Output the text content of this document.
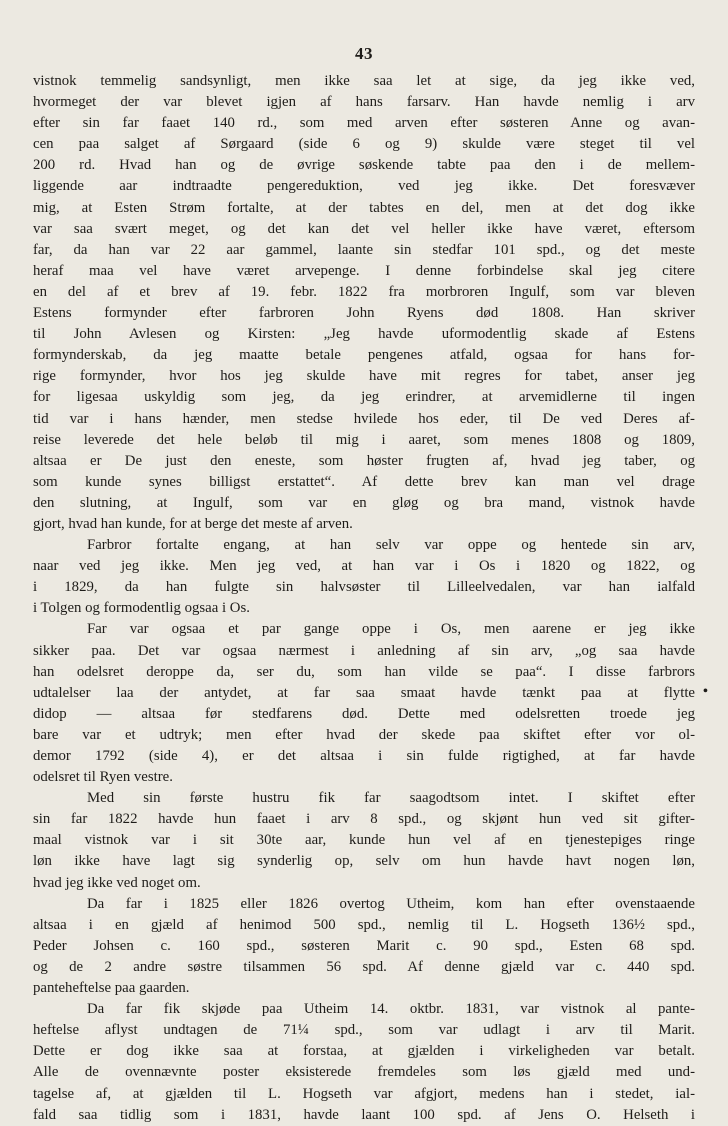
43
•

vistnok temmelig sandsynligt, men ikke saa let at sige, da jeg ikke ved,
hvormeget der var blevet igjen af hans farsarv. Han havde nemlig i arv
efter sin far faaet 140 rd., som med arven efter søsteren Anne og avan-
cen paa salget af Sørgaard (side 6 og 9) skulde være steget til vel
200 rd. Hvad han og de øvrige søskende tabte paa den i de mellem-
liggende aar indtraadte pengereduktion, ved jeg ikke. Det foresvæver
mig, at Esten Strøm fortalte, at der tabtes en del, men at det dog ikke
var saa svært meget, og det kan det vel heller ikke have været, eftersom
far, da han var 22 aar gammel, laante sin stedfar 101 spd., og det meste
heraf maa vel have været arvepenge. I denne forbindelse skal jeg citere
en del af et brev af 19. febr. 1822 fra morbroren Ingulf, som var bleven
Estens formynder efter farbroren John Ryens død 1808. Han skriver
til John Avlesen og Kirsten: „Jeg havde uformodentlig skade af Estens
formynderskab, da jeg maatte betale pengenes atfald, ogsaa for hans for-
rige formynder, hvor hos jeg skulde have mit regres for tabet, anser jeg
for ligesaa uskyldig som jeg, da jeg erindrer, at arvemidlerne til ingen
tid var i hans hænder, men stedse hvilede hos eder, til De ved Deres af-
reise leverede det hele beløb til mig i aaret, som menes 1808 og 1809,
altsaa er De just den eneste, som høster frugten af, hvad jeg taber, og
som kunde synes billigst erstattet“. Af dette brev kan man vel drage
den slutning, at Ingulf, som var en gløg og bra mand, vistnok havde
gjort, hvad han kunde, for at berge det meste af arven.

Farbror fortalte engang, at han selv var oppe og hentede sin arv,
naar ved jeg ikke. Men jeg ved, at han var i Os i 1820 og 1822, og
i 1829, da han fulgte sin halvsøster til Lilleelvedalen, var han ialfald
i Tolgen og formodentlig ogsaa i Os.

Far var ogsaa et par gange oppe i Os, men aarene er jeg ikke
sikker paa. Det var ogsaa nærmest i anledning af sin arv, „og saa havde
han odelsret deroppe da, ser du, som han vilde se paa“. I disse farbrors
udtalelser laa der antydet, at far saa smaat havde tænkt paa at flytte
didop — altsaa før stedfarens død. Dette med odelsretten troede jeg
bare var et udtryk; men efter hvad der skede paa skiftet efter vor ol-
demor 1792 (side 4), er det altsaa i sin fulde rigtighed, at far havde
odelsret til Ryen vestre.

Med sin første hustru fik far saagodtsom intet. I skiftet efter
sin far 1822 havde hun faaet i arv 8 spd., og skjønt hun ved sit gifter-
maal vistnok var i sit 30te aar, kunde hun vel af en tjenestepiges ringe
løn ikke have lagt sig synderlig op, selv om hun havde havt nogen løn,
hvad jeg ikke ved noget om.

Da far i 1825 eller 1826 overtog Utheim, kom han efter ovenstaaende
altsaa i en gjæld af henimod 500 spd., nemlig til L. Hogseth 136½ spd.,
Peder Johsen c. 160 spd., søsteren Marit c. 90 spd., Esten 68 spd.
og de 2 andre søstre tilsammen 56 spd. Af denne gjæld var c. 440 spd.
panteheftelse paa gaarden.

Da far fik skjøde paa Utheim 14. oktbr. 1831, var vistnok al pante-
heftelse aflyst undtagen de 71¼ spd., som var udlagt i arv til Marit.
Dette er dog ikke saa at forstaa, at gjælden i virkeligheden var betalt.
Alle de ovennævnte poster eksisterede fremdeles som løs gjæld med und-
tagelse af, at gjælden til L. Hogseth var afgjort, medens han i stedet, ial-
fald saa tidlig som i 1831, havde laant 100 spd. af Jens O. Helseth i
